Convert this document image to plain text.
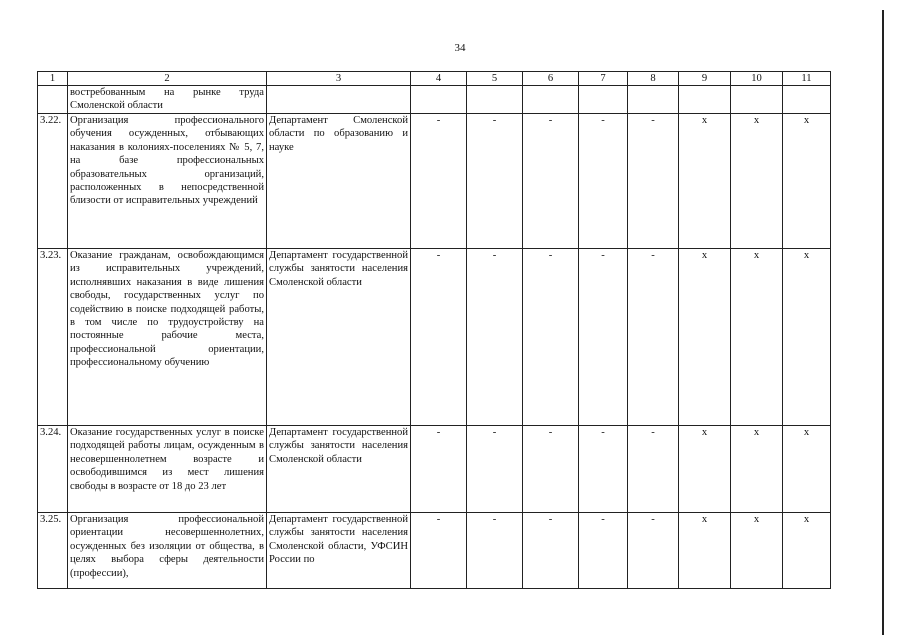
34
1	2	3	4	5	6	7	8	9	10	11
	востребованным на рынке труда Смоленской области									
3.22.	Организация профессионального обучения осужденных, отбывающих наказания в колониях-поселениях № 5, 7, на базе профессиональных образовательных организаций, расположенных в непосредственной близости от исправительных учреждений	Департамент Смоленской области по образованию и науке	-	-	-	-	-	х	х	х
3.23.	Оказание гражданам, освобождающимся из исправительных учреждений, исполнявших наказания в виде лишения свободы, государственных услуг по содействию в поиске подходящей работы, в том числе по трудоустройству на постоянные рабочие места, профессиональной ориентации, профессиональному обучению	Департамент государственной службы занятости населения Смоленской области	-	-	-	-	-	х	х	х
3.24.	Оказание государственных услуг в поиске подходящей работы лицам, осужденным в несовершеннолетнем возрасте и освободившимся из мест лишения свободы в возрасте от 18 до 23 лет	Департамент государственной службы занятости населения Смоленской области	-	-	-	-	-	х	х	х
3.25.	Организация профессиональной ориентации несовершеннолетних, осужденных без изоляции от общества, в целях выбора сферы деятельности (профессии),	Департамент государственной службы занятости населения Смоленской области, УФСИН России по	-	-	-	-	-	х	х	х
